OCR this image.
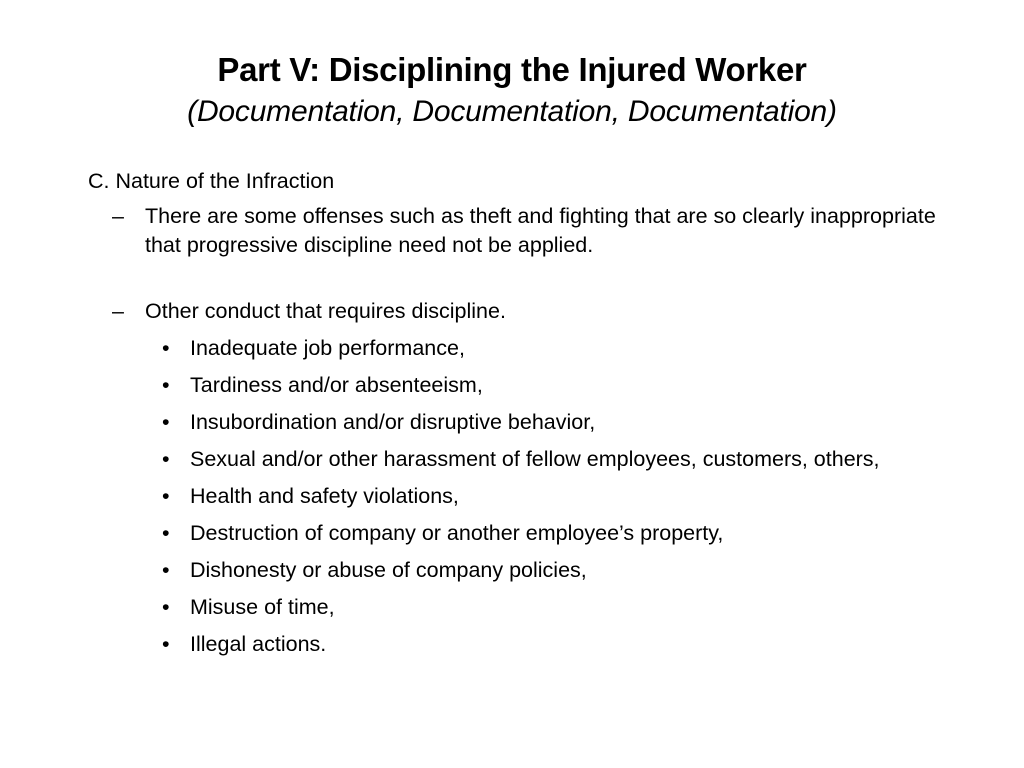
Part V: Disciplining the Injured Worker
(Documentation, Documentation, Documentation)
C. Nature of the Infraction
– There are some offenses such as theft and fighting that are so clearly inappropriate that progressive discipline need not be applied.
– Other conduct that requires discipline.
• Inadequate job performance,
• Tardiness and/or absenteeism,
• Insubordination and/or disruptive behavior,
• Sexual and/or other harassment of fellow employees, customers, others,
• Health and safety violations,
• Destruction of company or another employee’s property,
• Dishonesty or abuse of company policies,
• Misuse of time,
• Illegal actions.
